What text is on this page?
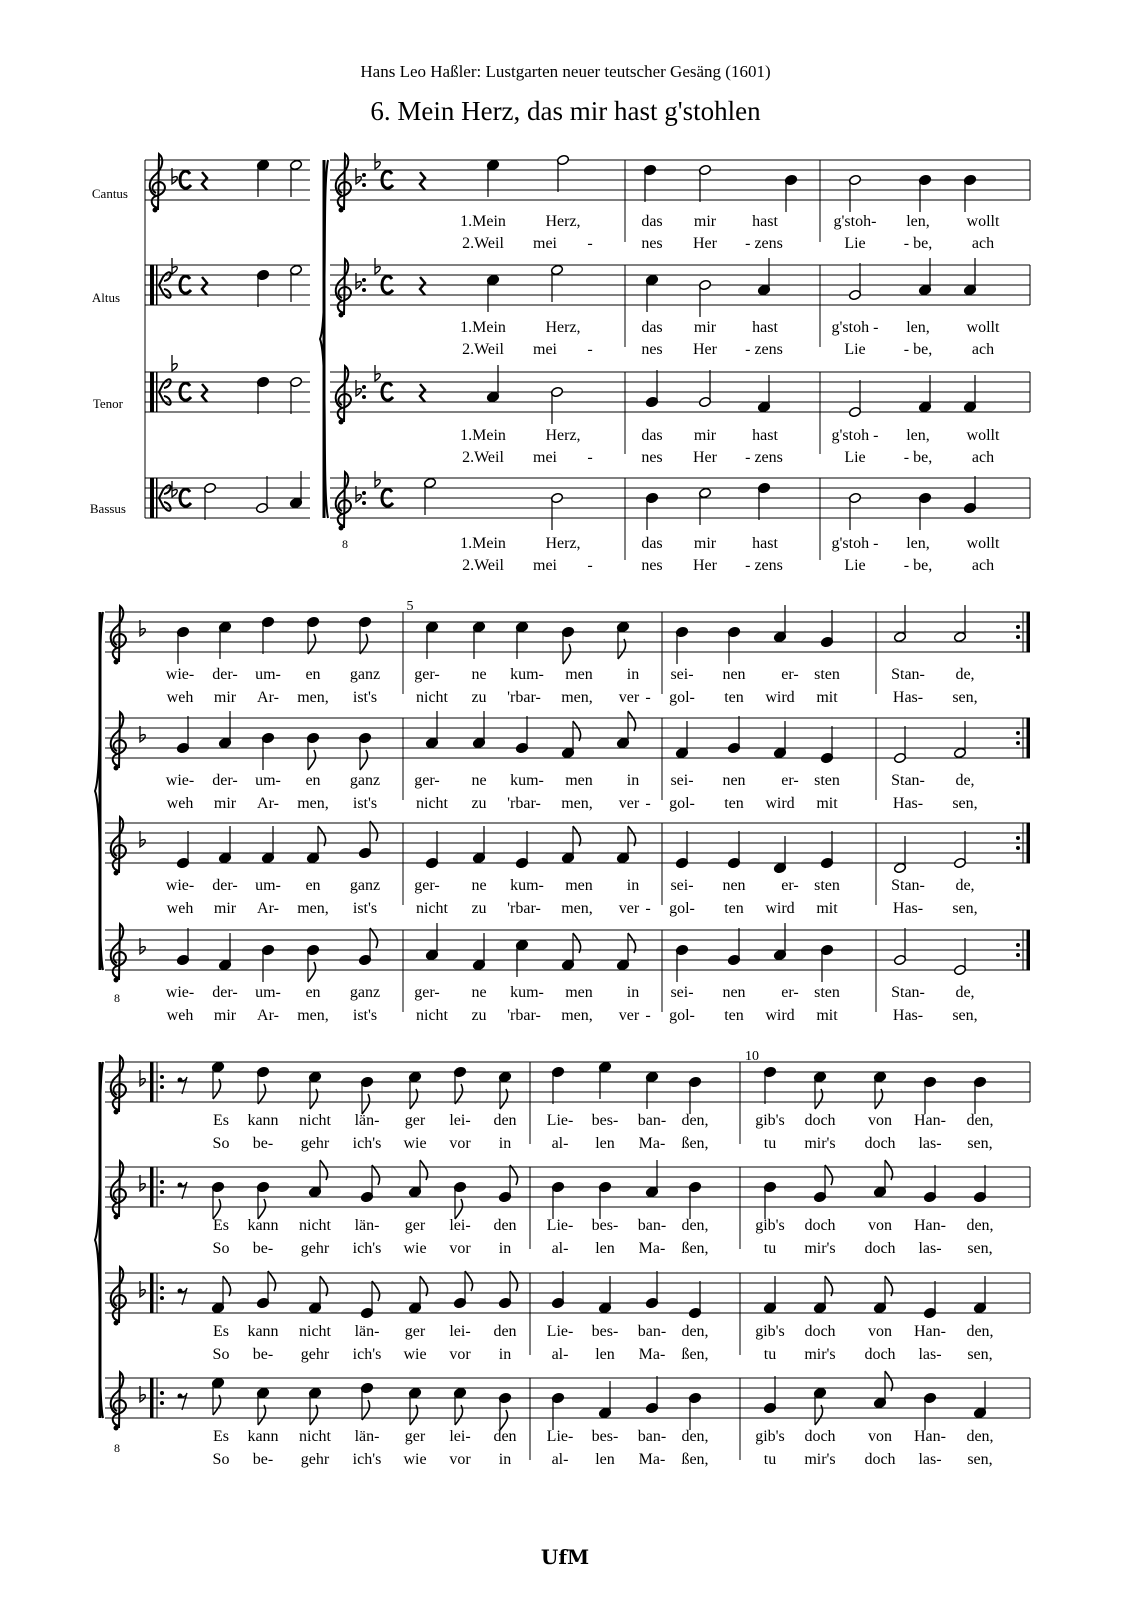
Hans Leo Haßler: Lustgarten neuer teutscher Gesäng (1601)
6. Mein Herz, das mir hast g'stohlen
Cantus
Altus
Tenor
Bassus
8
1.Mein Herz,	das mir hast	g'stoh- len, wollt
2.Weil mei -	nes Her - zens	Lie - be, ach
1.Mein Herz,	das mir hast	g'stoh - len, wollt
2.Weil mei -	nes Her - zens	Lie - be, ach
1.Mein Herz,	das mir hast	g'stoh - len, wollt
2.Weil mei -	nes Her - zens	Lie - be, ach
1.Mein Herz,	das mir hast	g'stoh - len, wollt
2.Weil mei -	nes Her - zens	Lie - be, ach
8
5
wie- der- um- en ganz ger- ne kum- men in sei- nen er- sten	Stan- de,
wie- der- um- en ganz ger- ne kum- men in sei- nen er- sten	Stan- de,
wie- der- um- en ganz ger- ne kum- men in sei- nen er- sten	Stan- de,
wie- der- um- en ganz ger- ne kum- men in sei- nen er- sten	Stan- de,
weh mir Ar- men, ist's nicht zu 'rbar- men, ver - gol- ten wird mit	Has- sen,
weh mir Ar- men, ist's nicht zu 'rbar- men, ver - gol- ten wird mit	Has- sen,
weh mir Ar- men, ist's nicht zu 'rbar- men, ver - gol- ten wird mit	Has- sen,
weh mir Ar- men, ist's nicht zu 'rbar- men, ver - gol- ten wird mit	Has- sen,
8
10
Es kann nicht län- ger lei- den Lie- bes- ban- den,	gib's doch von Han- den,
Es kann nicht län- ger lei- den Lie- bes- ban- den,	gib's doch von Han- den,
Es kann nicht län- ger lei- den Lie- bes- ban- den,	gib's doch von Han- den,
Es kann nicht län- ger lei- den Lie- bes- ban- den,	gib's doch von Han- den,
So be- gehr ich's wie vor in	al- len Ma- ßen,	tu mir's doch las- sen,
So be- gehr ich's wie vor in	al- len Ma- ßen,	tu mir's doch las- sen,
So be- gehr ich's wie vor in	al- len Ma- ßen,	tu mir's doch las- sen,
So be- gehr ich's wie vor in	al- len Ma- ßen,	tu mir's doch las- sen,
UfM
